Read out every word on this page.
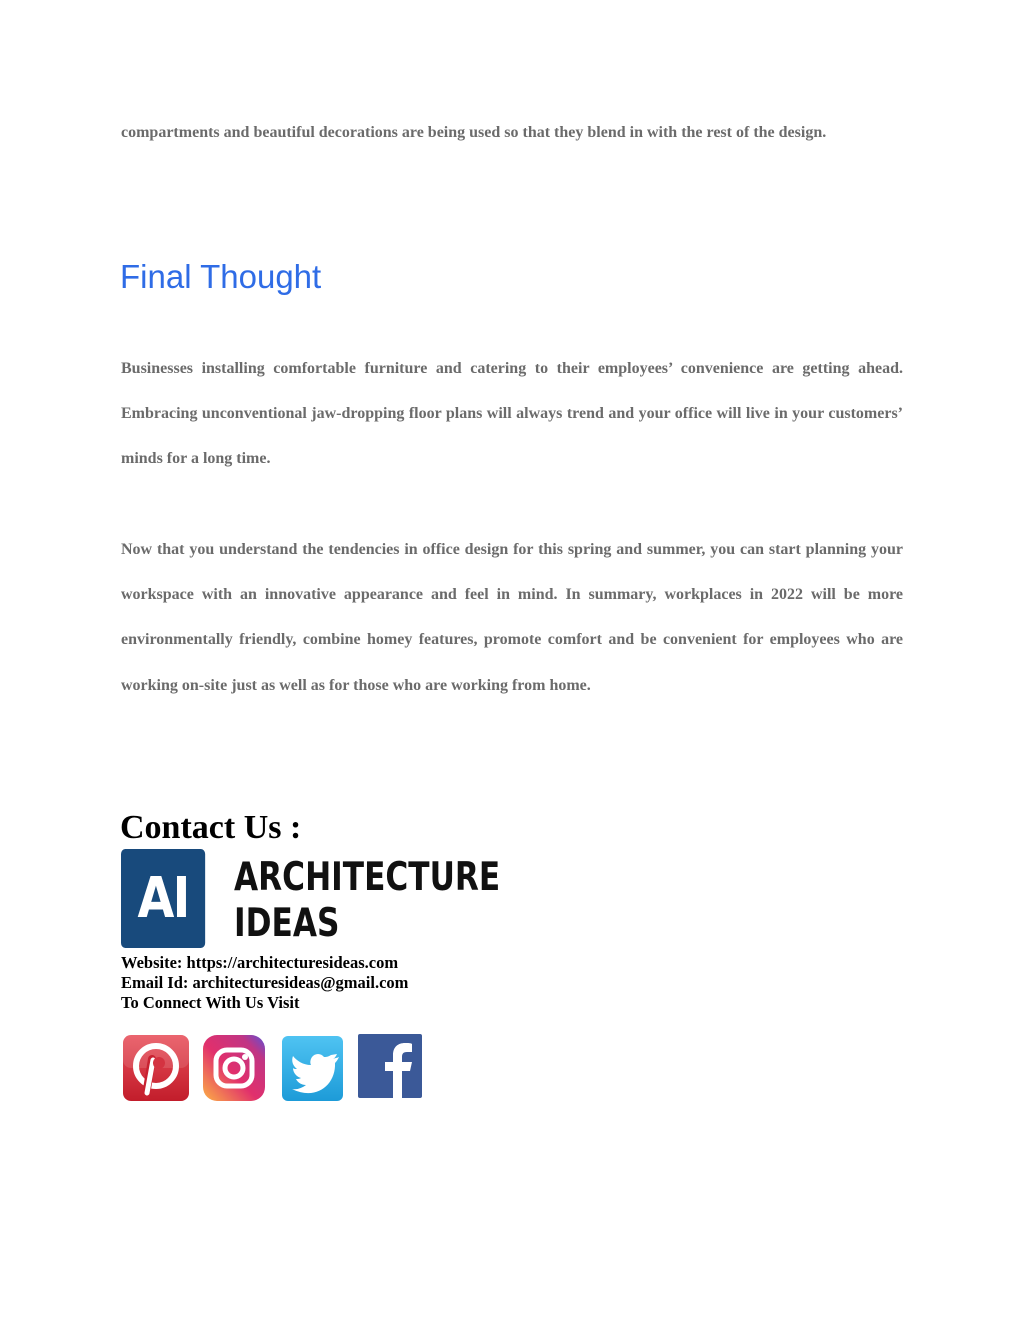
compartments and beautiful decorations are being used so that they blend in with the rest of the design.

Final Thought

Businesses installing comfortable furniture and catering to their employees’ convenience are getting ahead. Embracing unconventional jaw-dropping floor plans will always trend and your office will live in your customers’ minds for a long time.

Now that you understand the tendencies in office design for this spring and summer, you can start planning your workspace with an innovative appearance and feel in mind. In summary, workplaces in 2022 will be more environmentally friendly, combine homey features, promote comfort and be convenient for employees who are working on-site just as well as for those who are working from home.

Contact Us :
AI	ARCHITECTURE
IDEAS
Website: https://architecturesideas.com
Email Id: architecturesideas@gmail.com
To Connect With Us Visit
